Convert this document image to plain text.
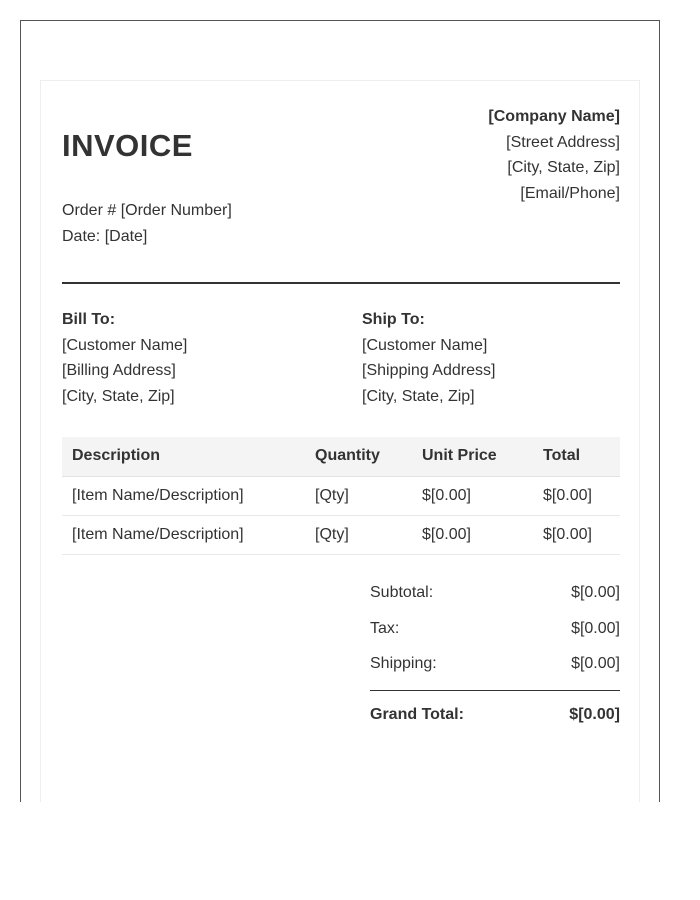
INVOICE
Order # [Order Number]
Date: [Date]
[Company Name]
[Street Address]
[City, State, Zip]
[Email/Phone]
Bill To:
[Customer Name]
[Billing Address]
[City, State, Zip]
Ship To:
[Customer Name]
[Shipping Address]
[City, State, Zip]
Description	Quantity	Unit Price	Total
[Item Name/Description]	[Qty]	$[0.00]	$[0.00]
[Item Name/Description]	[Qty]	$[0.00]	$[0.00]
Subtotal:	$[0.00]
Tax:	$[0.00]
Shipping:	$[0.00]
Grand Total:	$[0.00]
